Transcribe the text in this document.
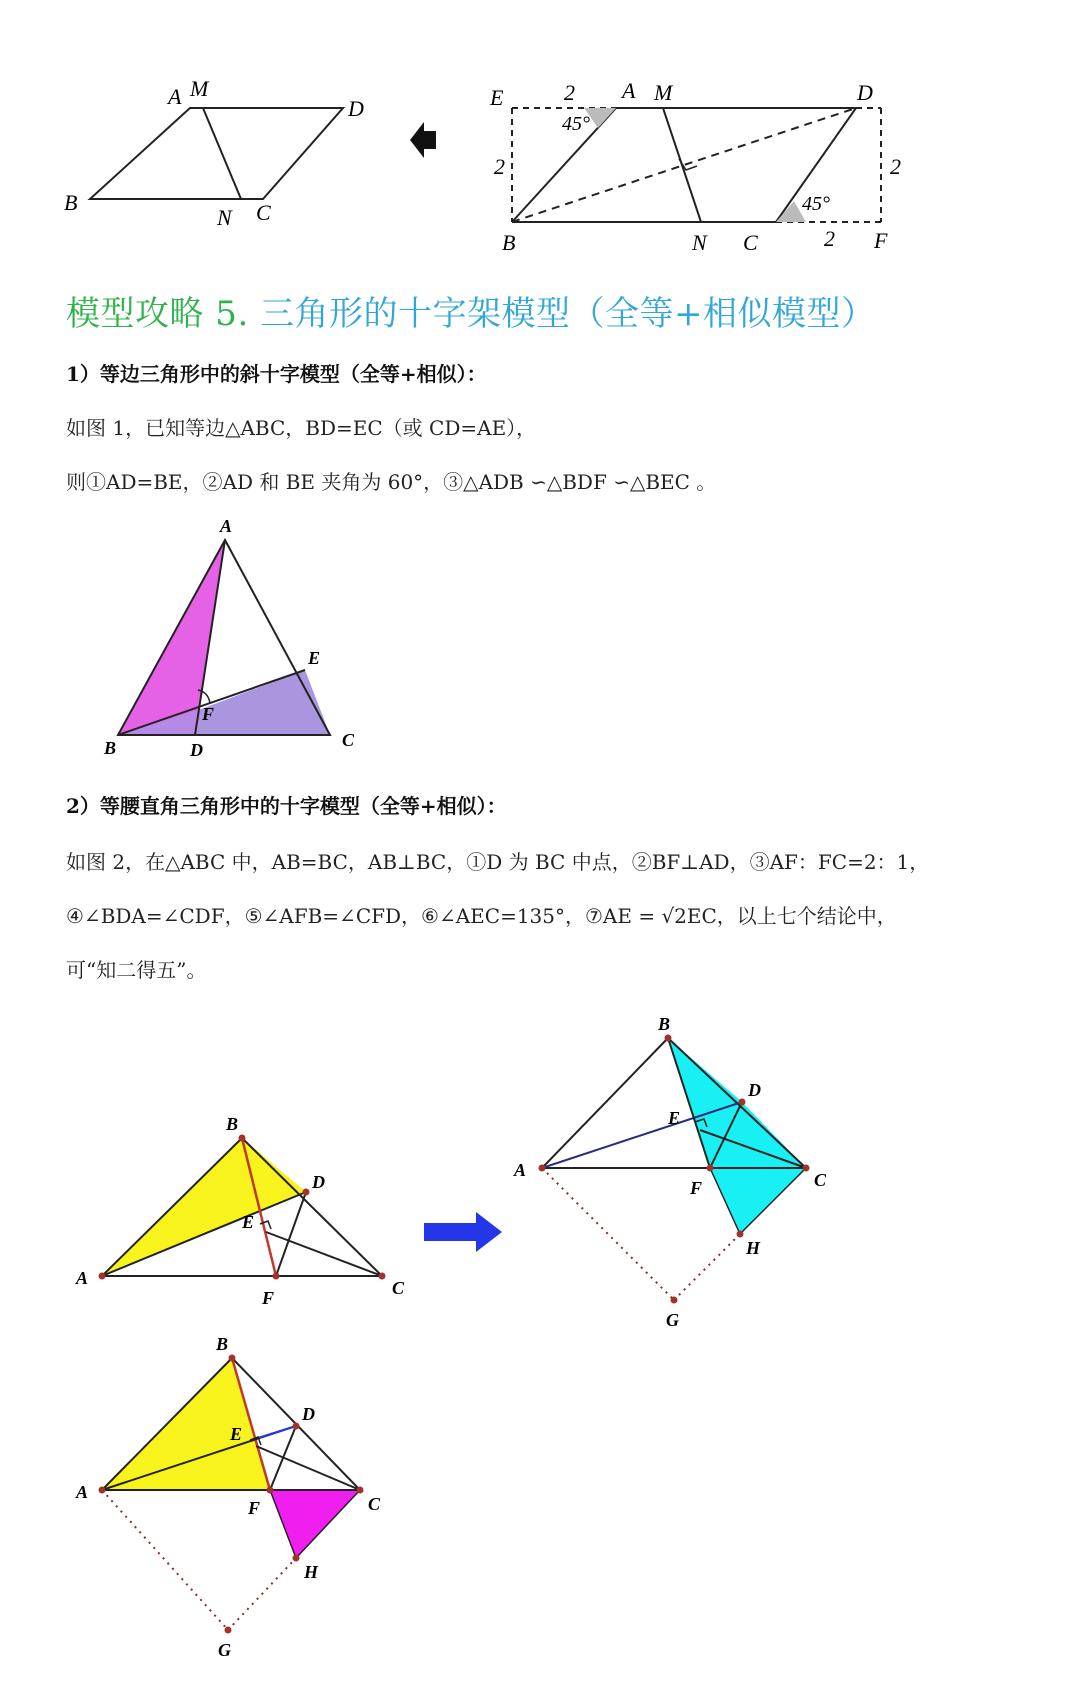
A M
D
B
N C
E	A M	D
B	N C	F
2
2	2
2
45°
45°
模型攻略 5. 三角形的十字架模型（全等+相似模型）
1）等边三角形中的斜十字模型（全等+相似）：
如图 1，已知等边△ABC，BD=EC（或 CD=AE），
则①AD=BE，②AD 和 BE 夹角为 60°，③△ADB ∽△BDF ∽△BEC 。
A
B	D	C
E
F
2）等腰直角三角形中的十字模型（全等+相似）：
如图 2，在△ABC 中，AB=BC，AB⊥BC，①D 为 BC 中点，②BF⊥AD，③AF：FC=2：1，
④∠BDA=∠CDF，⑤∠AFB=∠CFD，⑥∠AEC=135°，⑦AE = √2EC，以上七个结论中，
可“知二得五”。
B
A	C
D
E
F
B
A	C
D
E
F
H
G
B
A
C
D
E
F
H
G
